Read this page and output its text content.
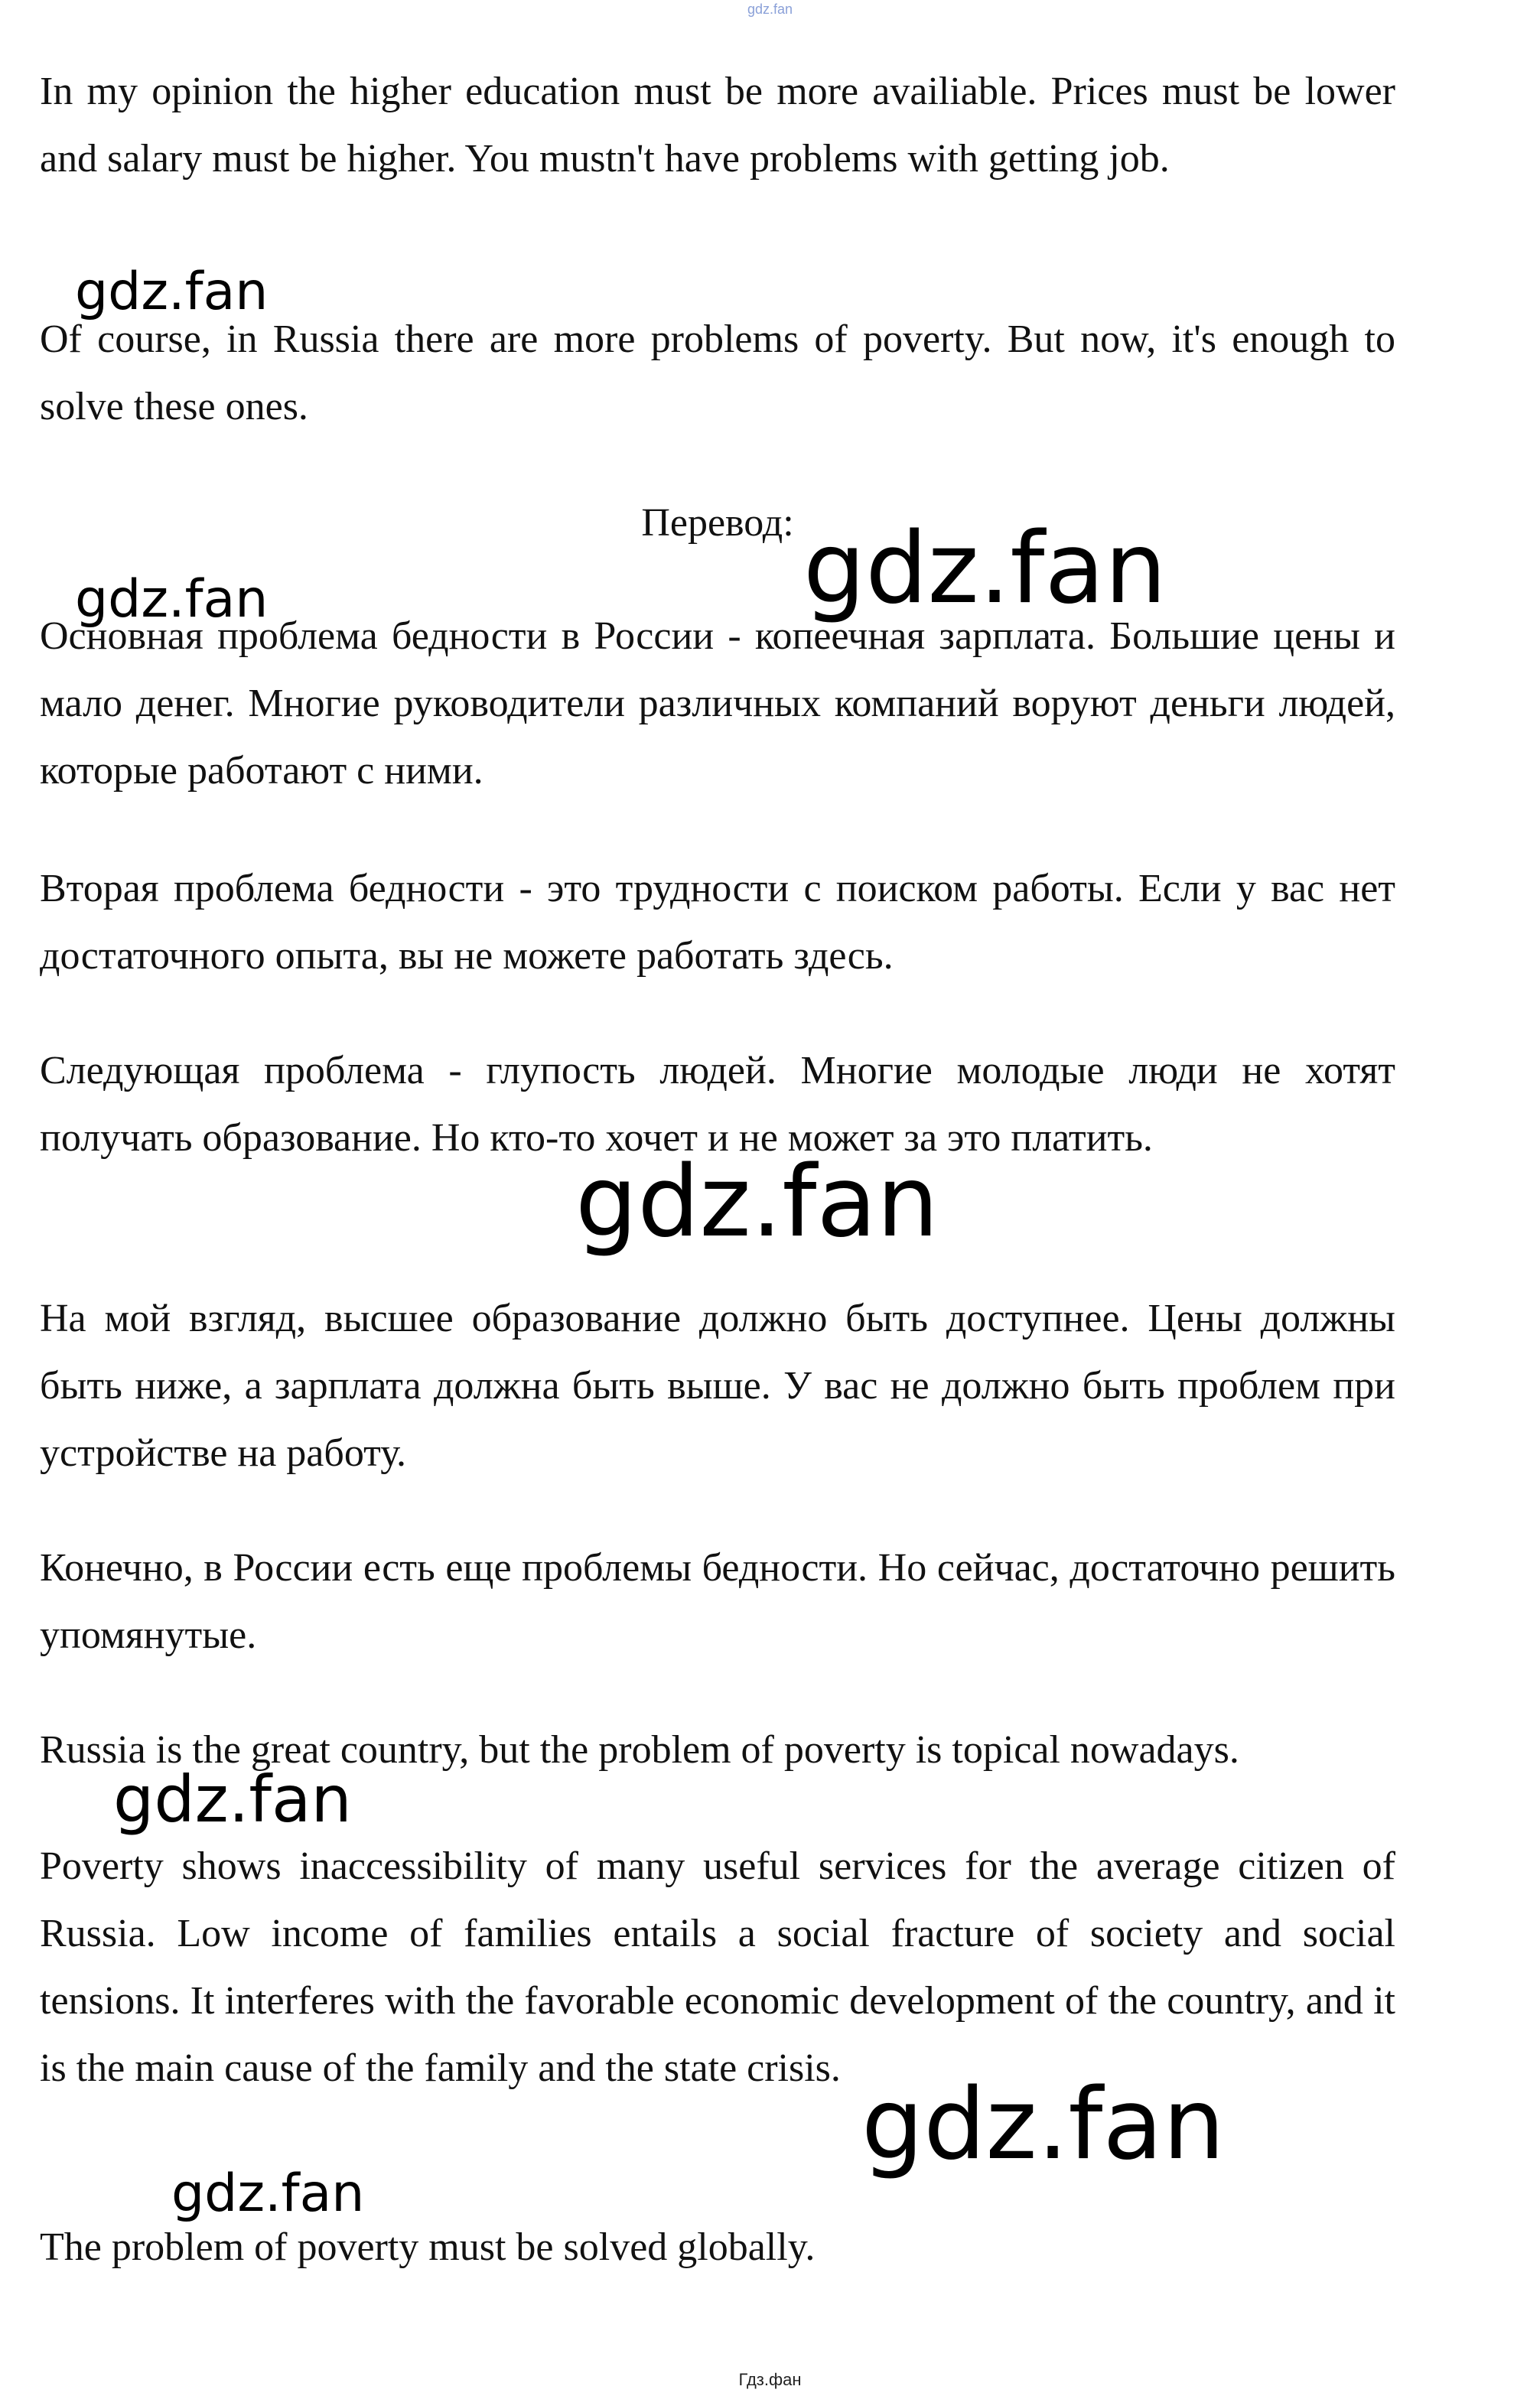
gdz.fan

In my opinion the higher education must be more availiable. Prices must be lower and salary must be higher. You mustn't have problems with getting job.

Of course, in Russia there are more problems of poverty. But now, it's enough to solve these ones.

Перевод:

Основная проблема бедности в России - копеечная зарплата. Большие цены и мало денег. Многие руководители различных компаний воруют деньги людей, которые работают с ними.

Вторая проблема бедности - это трудности с поиском работы. Если у вас нет достаточного опыта, вы не можете работать здесь.

Следующая проблема - глупость людей. Многие молодые люди не хотят получать образование. Но кто-то хочет и не может за это платить.

На мой взгляд, высшее образование должно быть доступнее. Цены должны быть ниже, а зарплата должна быть выше. У вас не должно быть проблем при устройстве на работу.

Конечно, в России есть еще проблемы бедности. Но сейчас, достаточно решить упомянутые.

Russia is the great country, but the problem of poverty is topical nowadays.

Poverty shows inaccessibility of many useful services for the average citizen of Russia. Low income of families entails a social fracture of society and social tensions. It interferes with the favorable economic development of the country, and it is the main cause of the family and the state crisis.

The problem of poverty must be solved globally.

gdz.fan
gdz.fan
gdz.fan
gdz.fan
gdz.fan
gdz.fan
gdz.fan
Гдз.фан
